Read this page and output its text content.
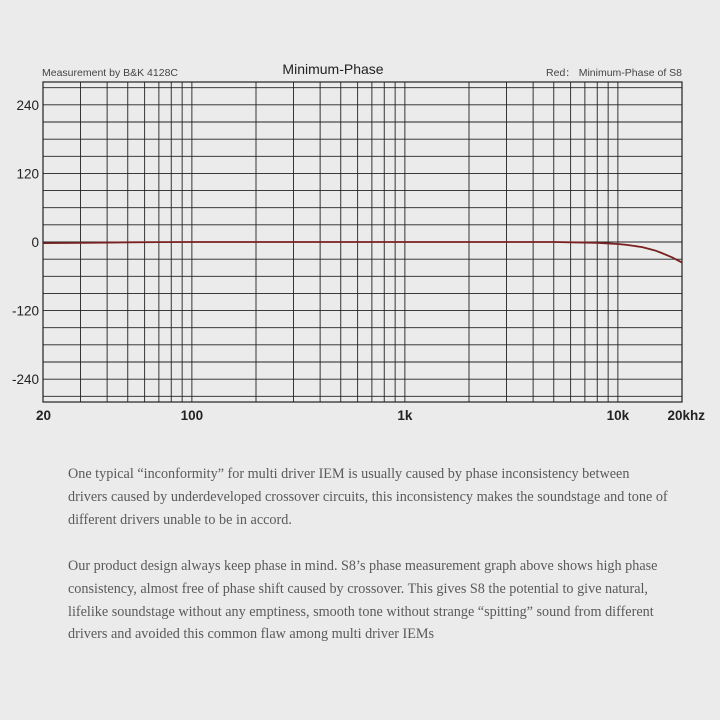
Measurement by B&K 4128C	Minimum-Phase	Red： Minimum-Phase of S8
240
120
0
-120
-240
20	100	1k	10k	20khz

One typical “inconformity” for multi driver IEM is usually caused by phase inconsistency between drivers caused by underdeveloped crossover circuits, this inconsistency makes the soundstage and tone of different drivers unable to be in accord.

Our product design always keep phase in mind. S8’s phase measurement graph above shows high phase consistency, almost free of phase shift caused by crossover. This gives S8 the potential to give natural, lifelike soundstage without any emptiness, smooth tone without strange “spitting” sound from different drivers and avoided this common flaw among multi driver IEMs
